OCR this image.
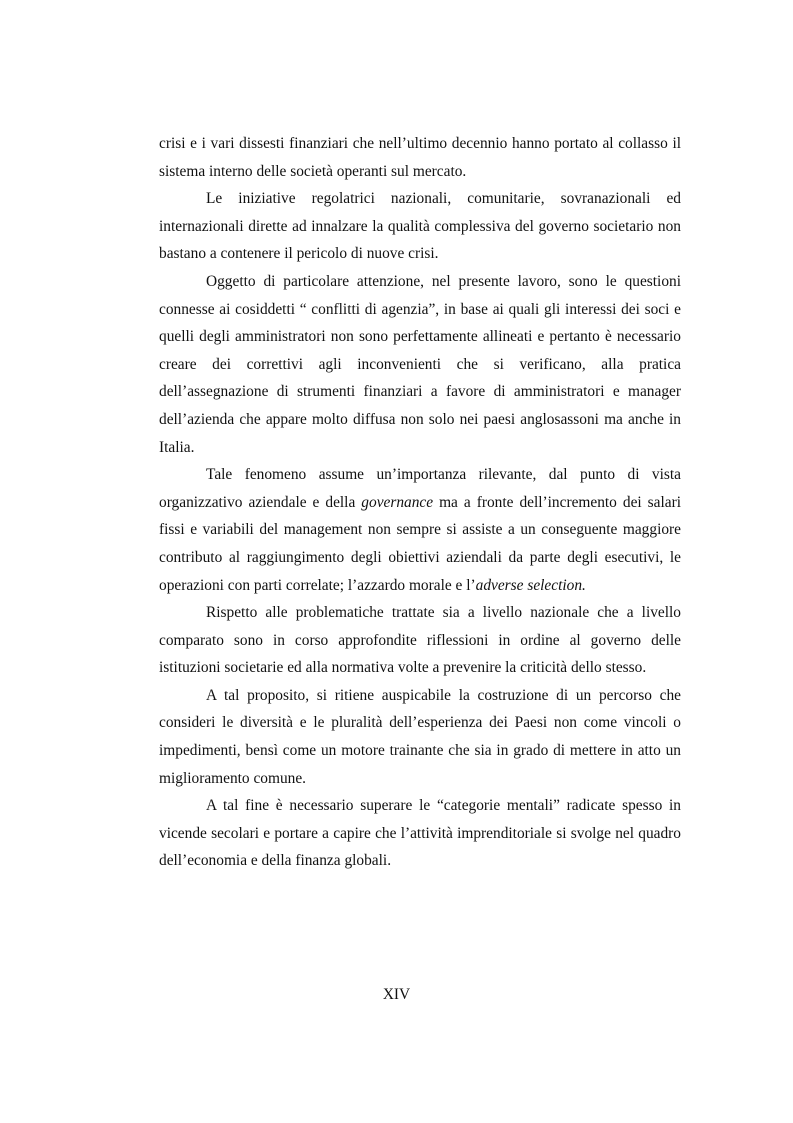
crisi e i vari dissesti finanziari che nell’ultimo decennio hanno portato al collasso il sistema interno delle società operanti sul mercato.

Le iniziative regolatrici nazionali, comunitarie, sovranazionali ed internazionali dirette ad innalzare la qualità complessiva del governo societario non bastano a contenere il pericolo di nuove crisi.

Oggetto di particolare attenzione, nel presente lavoro, sono le questioni connesse ai cosiddetti “ conflitti di agenzia”, in base ai quali gli interessi dei soci e quelli degli amministratori non sono perfettamente allineati e pertanto è necessario creare dei correttivi agli inconvenienti che si verificano, alla pratica dell’assegnazione di strumenti finanziari a favore di amministratori e manager dell’azienda che appare molto diffusa non solo nei paesi anglosassoni ma anche in Italia.

Tale fenomeno assume un’importanza rilevante, dal punto di vista organizzativo aziendale e della governance ma a fronte dell’incremento dei salari fissi e variabili del management non sempre si assiste a un conseguente maggiore contributo al raggiungimento degli obiettivi aziendali da parte degli esecutivi, le operazioni con parti correlate; l’azzardo morale e l’adverse selection.

Rispetto alle problematiche trattate sia a livello nazionale che a livello comparato sono in corso approfondite riflessioni in ordine al governo delle istituzioni societarie ed alla normativa volte a prevenire la criticità dello stesso.

A tal proposito, si ritiene auspicabile la costruzione di un percorso che consideri le diversità e le pluralità dell’esperienza dei Paesi non come vincoli o impedimenti, bensì come un motore trainante che sia in grado di mettere in atto un miglioramento comune.

A tal fine è necessario superare le “categorie mentali” radicate spesso in vicende secolari e portare a capire che l’attività imprenditoriale si svolge nel quadro dell’economia e della finanza globali.

XIV
